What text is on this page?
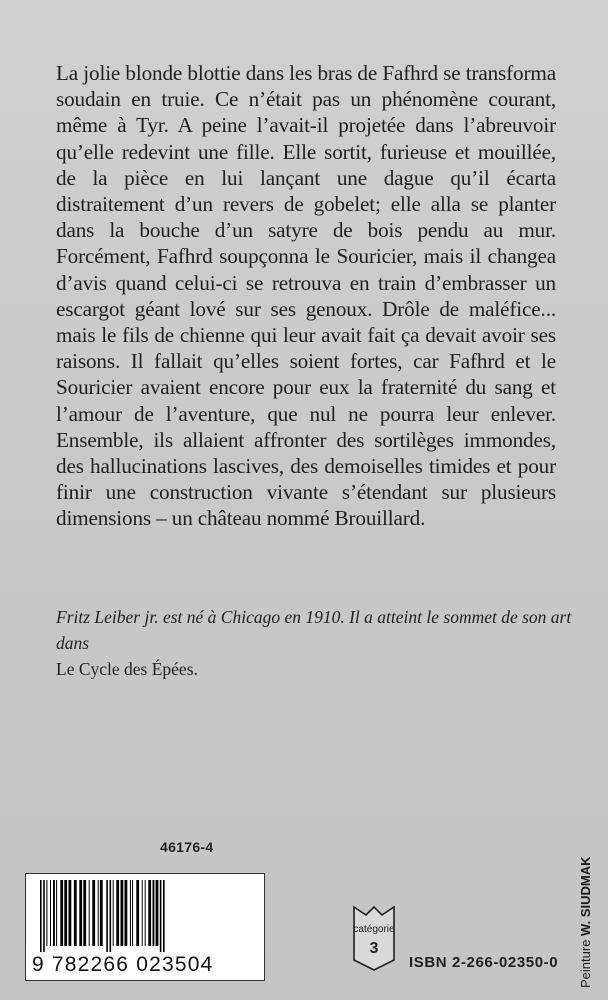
La jolie blonde blottie dans les bras de Fafhrd se transforma soudain en truie. Ce n’était pas un phénomène courant, même à Tyr. A peine l’avait-il projetée dans l’abreuvoir qu’elle redevint une fille. Elle sortit, furieuse et mouillée, de la pièce en lui lançant une dague qu’il écarta distraitement d’un revers de gobelet; elle alla se planter dans la bouche d’un satyre de bois pendu au mur. Forcément, Fafhrd soupçonna le Souricier, mais il changea d’avis quand celui-ci se retrouva en train d’embrasser un escargot géant lové sur ses genoux. Drôle de maléfice... mais le fils de chienne qui leur avait fait ça devait avoir ses raisons. Il fallait qu’elles soient fortes, car Fafhrd et le Souricier avaient encore pour eux la fraternité du sang et l’amour de l’aventure, que nul ne pourra leur enlever. Ensemble, ils allaient affronter des sortilèges immondes, des hallucinations lascives, des demoiselles timides et pour finir une construction vivante s’étendant sur plusieurs dimensions – un château nommé Brouillard.

Fritz Leiber jr. est né à Chicago en 1910. Il a atteint le sommet de son art dans
Le Cycle des Épées.

46176-4
9 782266 023504
catégorie
3
ISBN 2-266-02350-0 Peinture W. SIUDMAK
